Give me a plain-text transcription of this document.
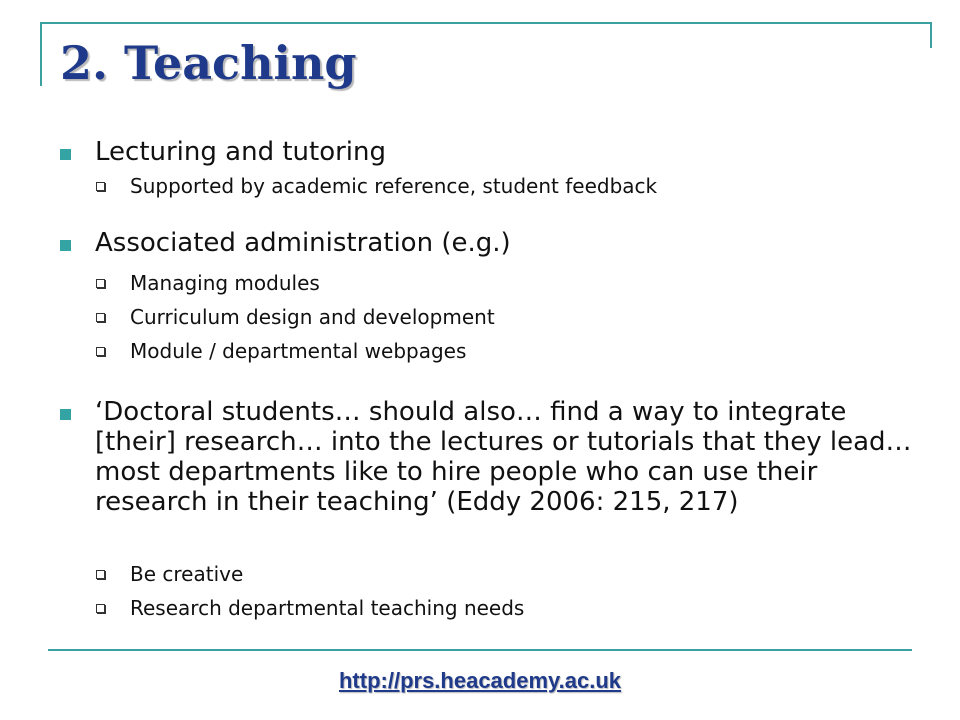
2. Teaching
Lecturing and tutoring
Supported by academic reference, student feedback
Associated administration (e.g.)
Managing modules
Curriculum design and development
Module / departmental webpages
‘Doctoral students… should also… find a way to integrate [their] research… into the lectures or tutorials that they lead… most departments like to hire people who can use their research in their teaching’ (Eddy 2006: 215, 217)
Be creative
Research departmental teaching needs
http://prs.heacademy.ac.uk
